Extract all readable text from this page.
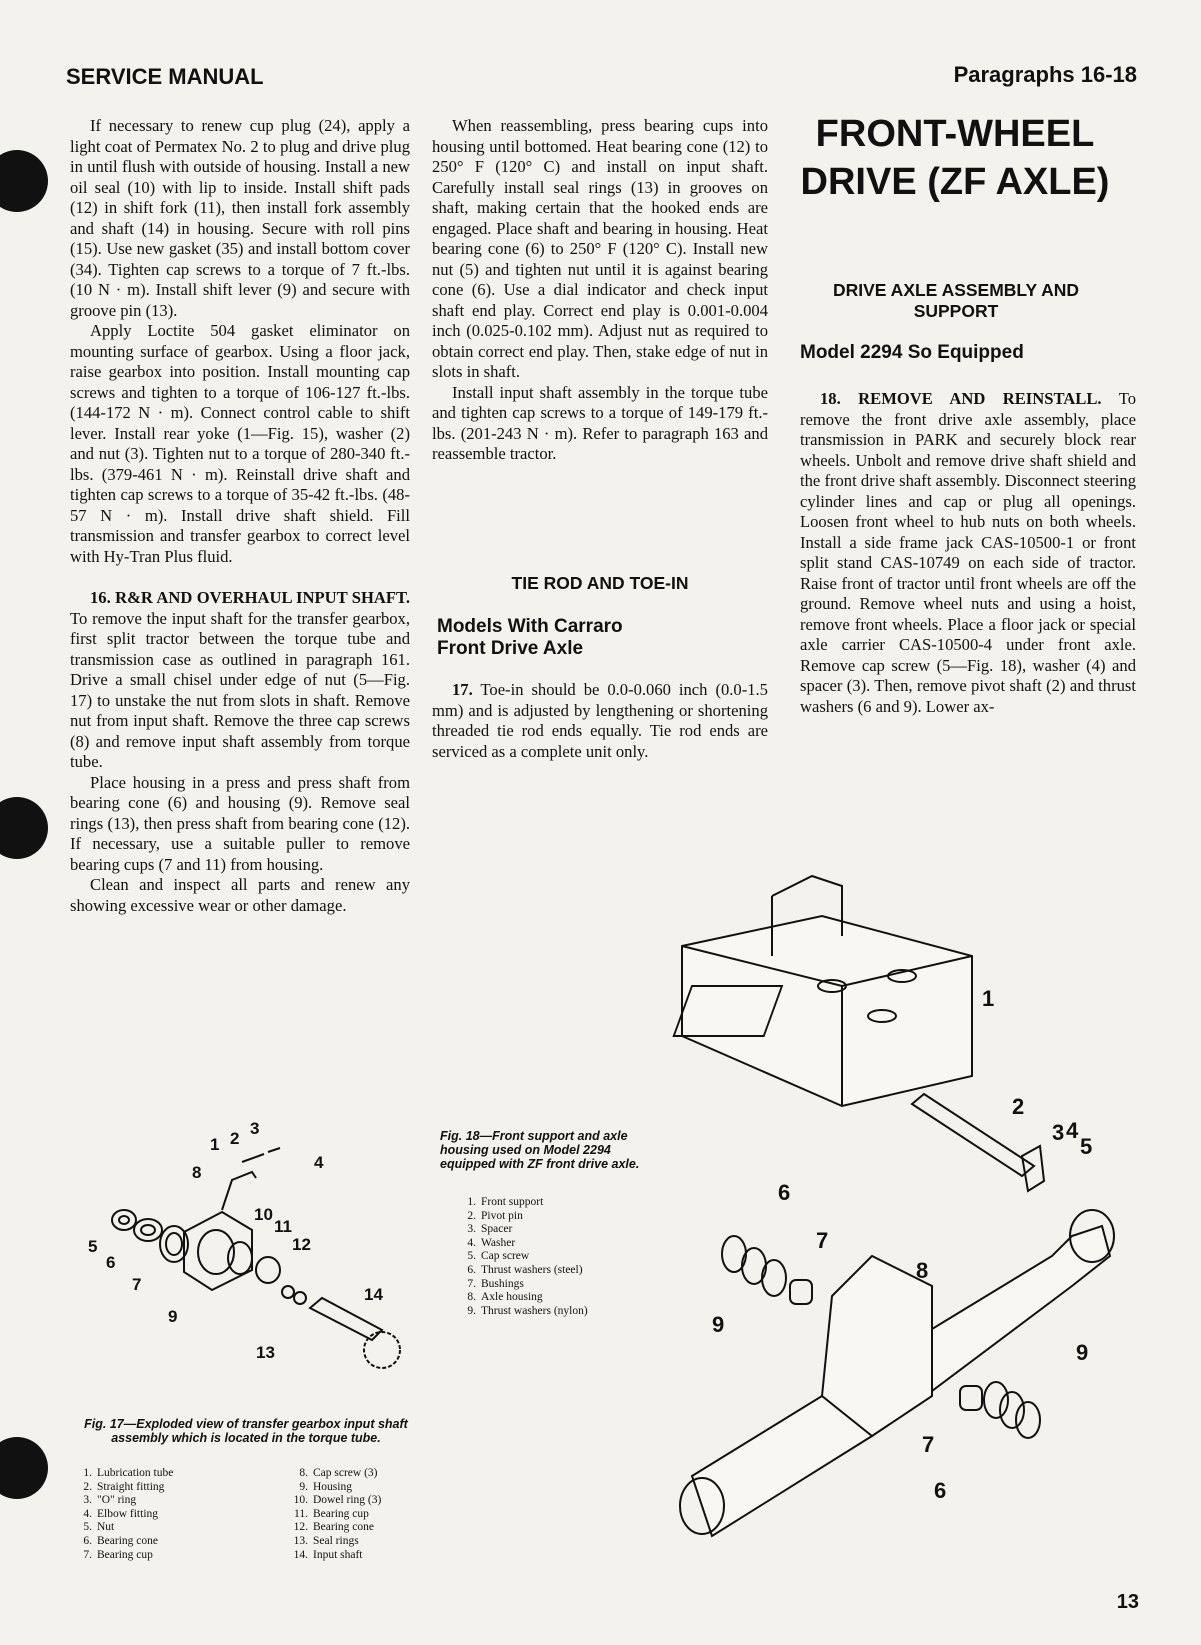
SERVICE MANUAL	Paragraphs 16-18

If necessary to renew cup plug (24), apply a light coat of Permatex No. 2 to plug and drive plug in until flush with outside of housing. Install a new oil seal (10) with lip to inside. Install shift pads (12) in shift fork (11), then install fork assembly and shaft (14) in housing. Secure with roll pins (15). Use new gasket (35) and install bottom cover (34). Tighten cap screws to a torque of 7 ft.-lbs. (10 N · m). Install shift lever (9) and secure with groove pin (13).

Apply Loctite 504 gasket eliminator on mounting surface of gearbox. Using a floor jack, raise gearbox into position. Install mounting cap screws and tighten to a torque of 106-127 ft.-lbs. (144-172 N · m). Connect control cable to shift lever. Install rear yoke (1—Fig. 15), washer (2) and nut (3). Tighten nut to a torque of 280-340 ft.-lbs. (379-461 N · m). Reinstall drive shaft and tighten cap screws to a torque of 35-42 ft.-lbs. (48-57 N · m). Install drive shaft shield. Fill transmission and transfer gearbox to correct level with Hy-Tran Plus fluid.

16. R&R AND OVERHAUL INPUT SHAFT. To remove the input shaft for the transfer gearbox, first split tractor between the torque tube and transmission case as outlined in paragraph 161. Drive a small chisel under edge of nut (5—Fig. 17) to unstake the nut from slots in shaft. Remove nut from input shaft. Remove the three cap screws (8) and remove input shaft assembly from torque tube.

Place housing in a press and press shaft from bearing cone (6) and housing (9). Remove seal rings (13), then press shaft from bearing cone (12). If necessary, use a suitable puller to remove bearing cups (7 and 11) from housing.

Clean and inspect all parts and renew any showing excessive wear or other damage.

When reassembling, press bearing cups into housing until bottomed. Heat bearing cone (12) to 250° F (120° C) and install on input shaft. Carefully install seal rings (13) in grooves on shaft, making certain that the hooked ends are engaged. Place shaft and bearing in housing. Heat bearing cone (6) to 250° F (120° C). Install new nut (5) and tighten nut until it is against bearing cone (6). Use a dial indicator and check input shaft end play. Correct end play is 0.001-0.004 inch (0.025-0.102 mm). Adjust nut as required to obtain correct end play. Then, stake edge of nut in slots in shaft.

Install input shaft assembly in the torque tube and tighten cap screws to a torque of 149-179 ft.-lbs. (201-243 N · m). Refer to paragraph 163 and reassemble tractor.

TIE ROD AND TOE-IN
Models With Carraro Front Drive Axle

17. Toe-in should be 0.0-0.060 inch (0.0-1.5 mm) and is adjusted by lengthening or shortening threaded tie rod ends equally. Tie rod ends are serviced as a complete unit only.

FRONT-WHEEL DRIVE (ZF AXLE)
DRIVE AXLE ASSEMBLY AND SUPPORT
Model 2294 So Equipped

18. REMOVE AND REINSTALL. To remove the front drive axle assembly, place transmission in PARK and securely block rear wheels. Unbolt and remove drive shaft shield and the front drive shaft assembly. Disconnect steering cylinder lines and cap or plug all openings. Loosen front wheel to hub nuts on both wheels. Install a side frame jack CAS-10500-1 or front split stand CAS-10749 on each side of tractor. Raise front of tractor until front wheels are off the ground. Remove wheel nuts and using a hoist, remove front wheels. Place a floor jack or special axle carrier CAS-10500-4 under front axle. Remove cap screw (5—Fig. 18), washer (4) and spacer (3). Then, remove pivot shaft (2) and thrust washers (6 and 9). Lower ax-

1 2
3
4
5
6
7
8
9
10
11
12
13
14
Fig. 17—Exploded view of transfer gearbox input shaft assembly which is located in the torque tube.
1. Lubrication tube
2. Straight fitting
3. "O" ring
4. Elbow fitting
5. Nut
6. Bearing cone
7. Bearing cup
8. Cap screw (3)
9. Housing
10. Dowel ring (3)
11. Bearing cup
12. Bearing cone
13. Seal rings
14. Input shaft
Fig. 18—Front support and axle housing used on Model 2294 equipped with ZF front drive axle.
1. Front support
2. Pivot pin
3. Spacer
4. Washer
5. Cap screw
6. Thrust washers (steel)
7. Bushings
8. Axle housing
9. Thrust washers (nylon)
1
2
3 4
5
6
7
8
9
6
7
9
13
